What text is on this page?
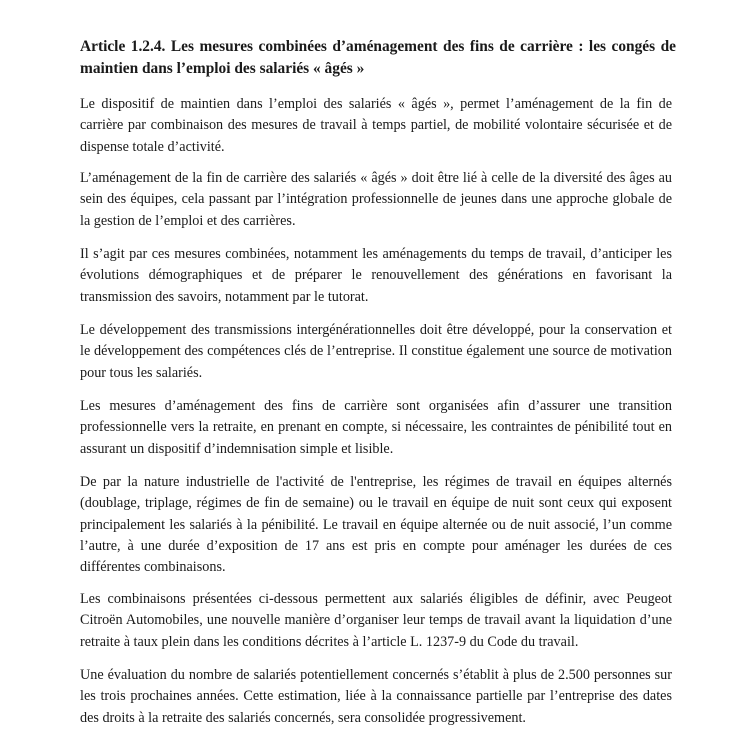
Article 1.2.4. Les mesures combinées d’aménagement des fins de carrière : les congés de maintien dans l’emploi des salariés « âgés »

Le dispositif de maintien dans l’emploi des salariés « âgés », permet l’aménagement de la fin de carrière par combinaison des mesures de travail à temps partiel, de mobilité volontaire sécurisée et de dispense totale d’activité.

L’aménagement de la fin de carrière des salariés « âgés » doit être lié à celle de la diversité des âges au sein des équipes, cela passant par l’intégration professionnelle de jeunes dans une approche globale de la gestion de l’emploi et des carrières.

Il s’agit par ces mesures combinées, notamment les aménagements du temps de travail, d’anticiper les évolutions démographiques et de préparer le renouvellement des générations en favorisant la transmission des savoirs, notamment par le tutorat.

Le développement des transmissions intergénérationnelles doit être développé, pour la conservation et le développement des compétences clés de l’entreprise. Il constitue également une source de motivation pour tous les salariés.

Les mesures d’aménagement des fins de carrière sont organisées afin d’assurer une transition professionnelle vers la retraite, en prenant en compte, si nécessaire, les contraintes de pénibilité tout en assurant un dispositif d’indemnisation simple et lisible.

De par la nature industrielle de l'activité de l'entreprise, les régimes de travail en équipes alternés (doublage, triplage, régimes de fin de semaine) ou le travail en équipe de nuit sont ceux qui exposent principalement les salariés à la pénibilité. Le travail en équipe alternée ou de nuit associé, l’un comme l’autre, à une durée d’exposition de 17 ans est pris en compte pour aménager les durées de ces différentes combinaisons.

Les combinaisons présentées ci-dessous permettent aux salariés éligibles de définir, avec Peugeot Citroën Automobiles, une nouvelle manière d’organiser leur temps de travail avant la liquidation d’une retraite à taux plein dans les conditions décrites à l’article L. 1237-9 du Code du travail.

Une évaluation du nombre de salariés potentiellement concernés s’établit à plus de 2.500 personnes sur les trois prochaines années. Cette estimation, liée à la connaissance partielle par l’entreprise des dates des droits à la retraite des salariés concernés, sera consolidée progressivement.
